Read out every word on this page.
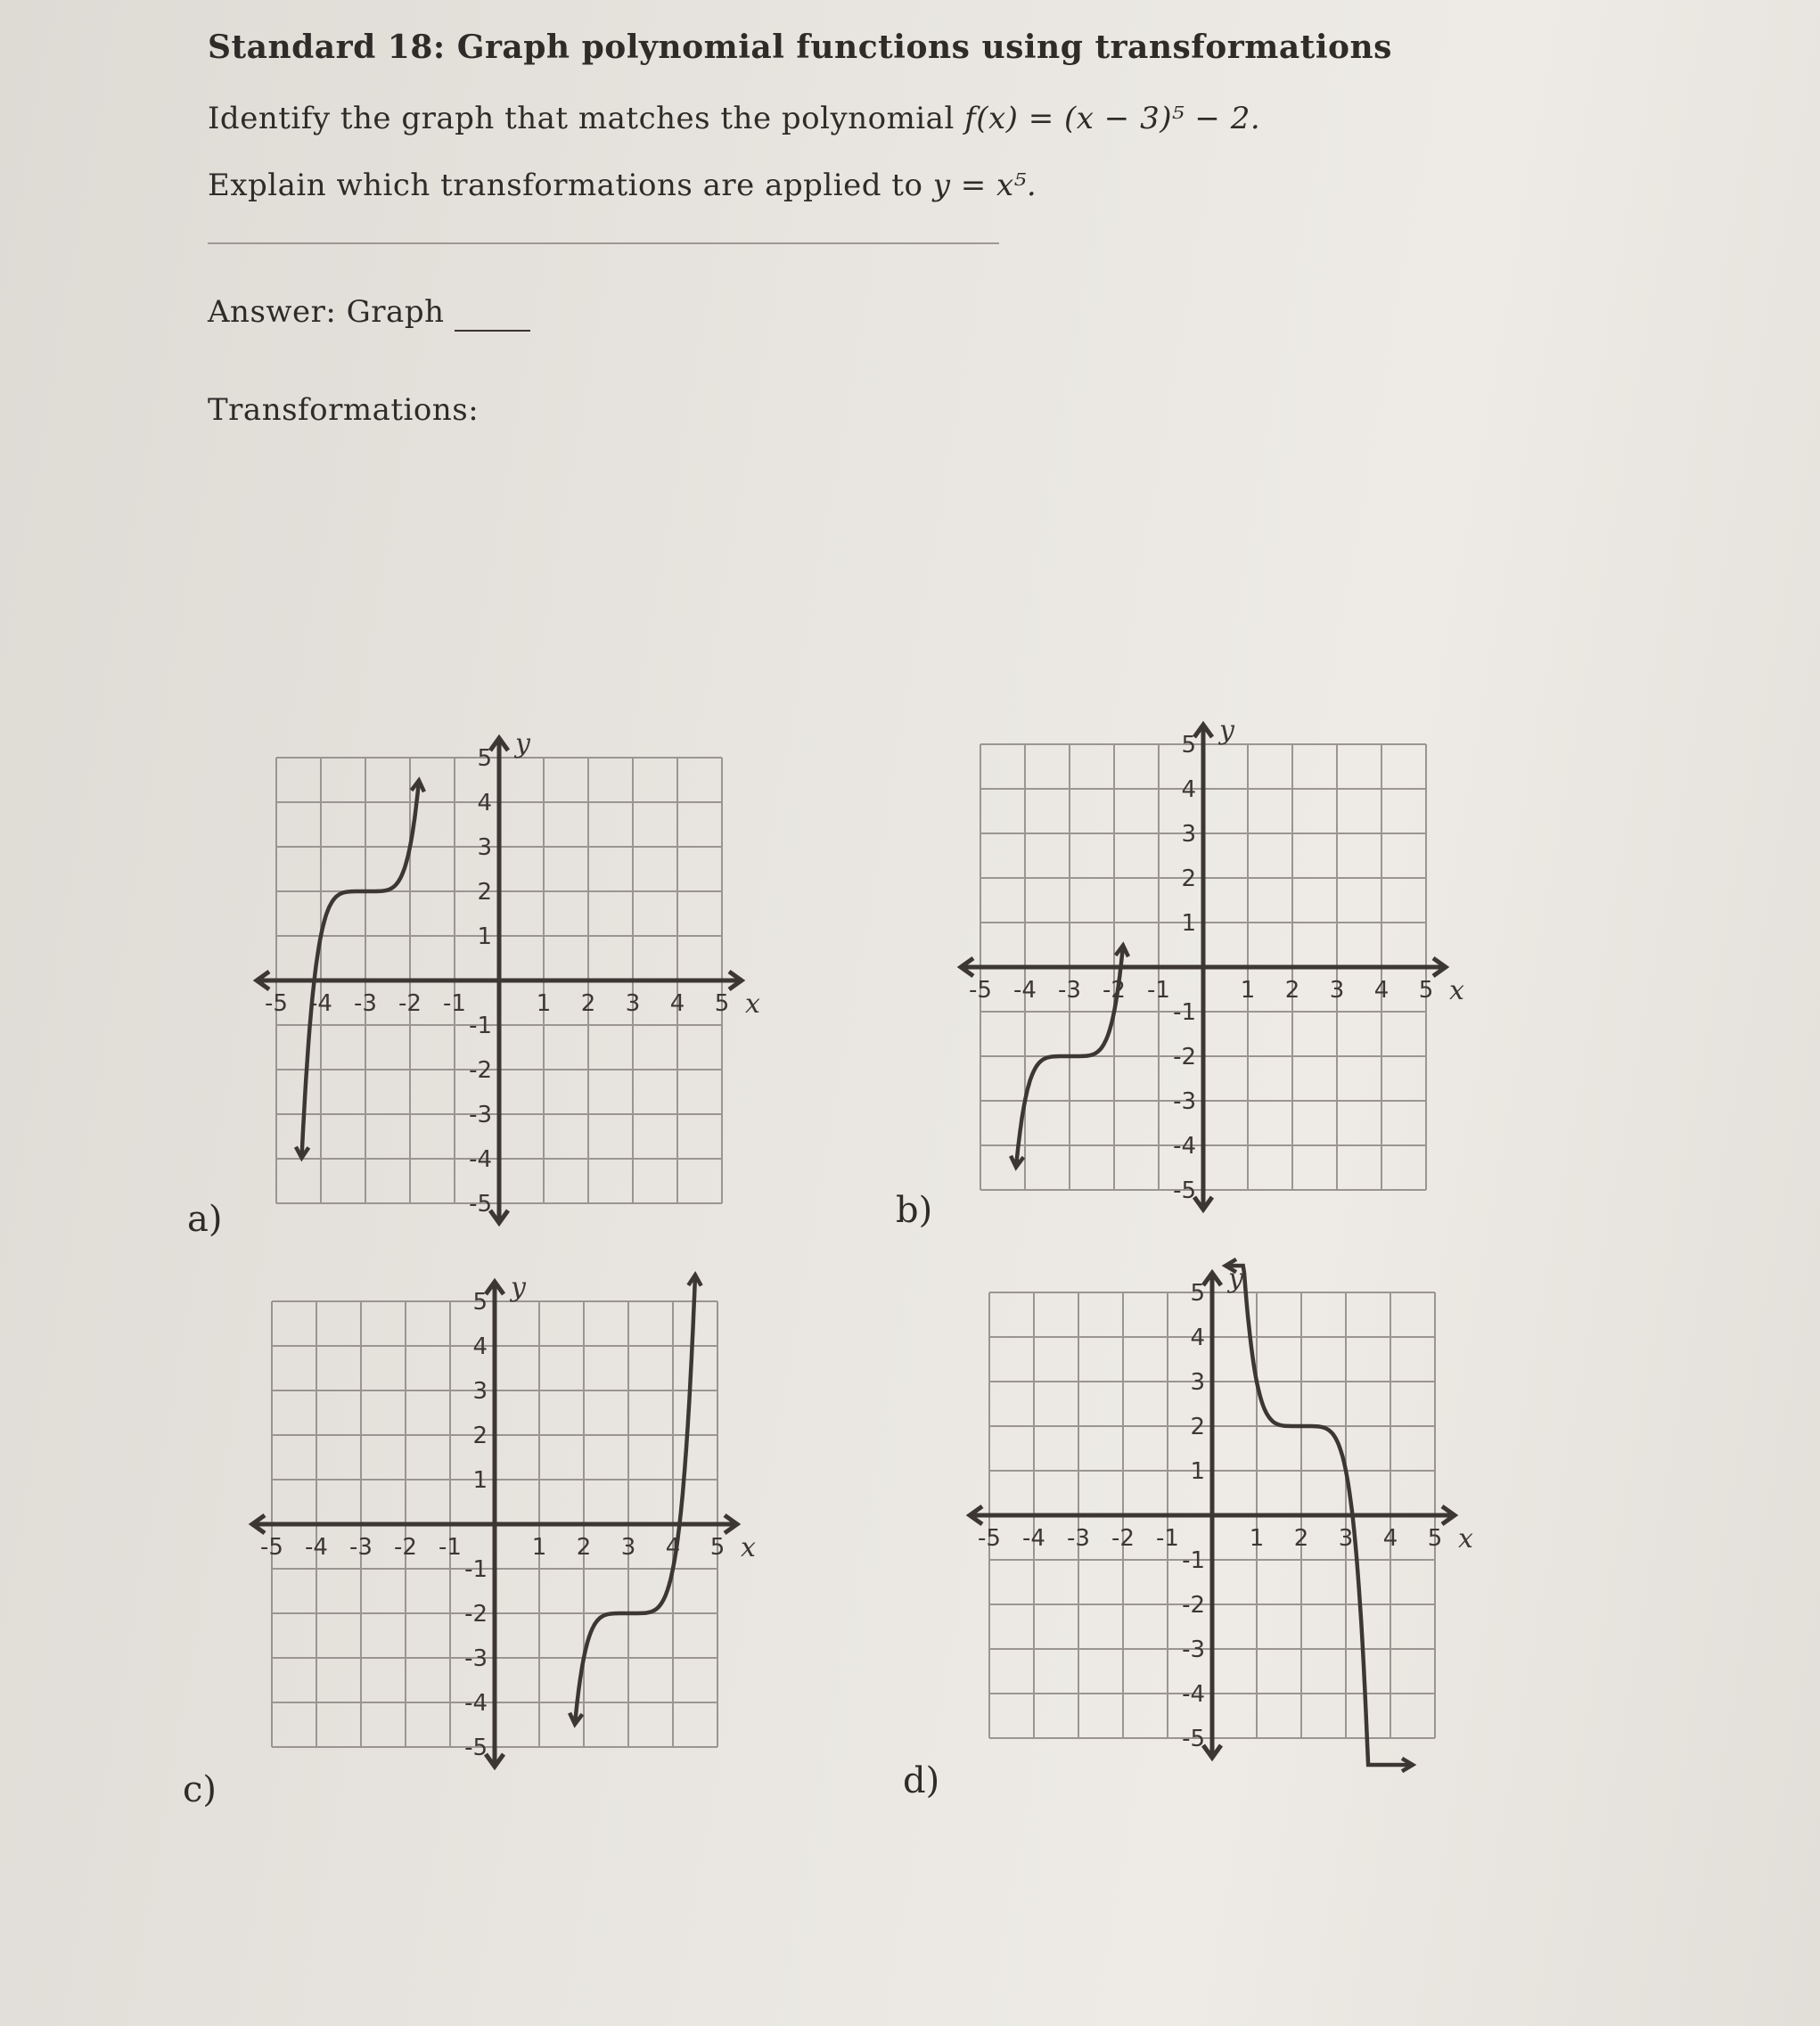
Standard 18: Graph polynomial functions using transformations
Identify the graph that matches the polynomial f(x) = (x − 3)⁵ − 2.
Explain which transformations are applied to y = x⁵.
Answer: Graph
Transformations:
a)	b)
c)	d)
-5 -4 -3 -2 -1	1 2 3 4 5
5
4
3
2
1
-1
-2
-3
-4
-5
x
y
-5 -4 -3 -2 -1	1 2 3 4 5
5
4
3
2
1
-1
-2
-3
-4
-5
x
y
-5 -4 -3 -2 -1	1 2 3 4 5
5
4
3
2
1
-1
-2
-3
-4
-5
x
y
-5 -4 -3 -2 -1	1 2 3 4 5
5
4
3
2
1
-1
-2
-3
-4
-5
x
y
